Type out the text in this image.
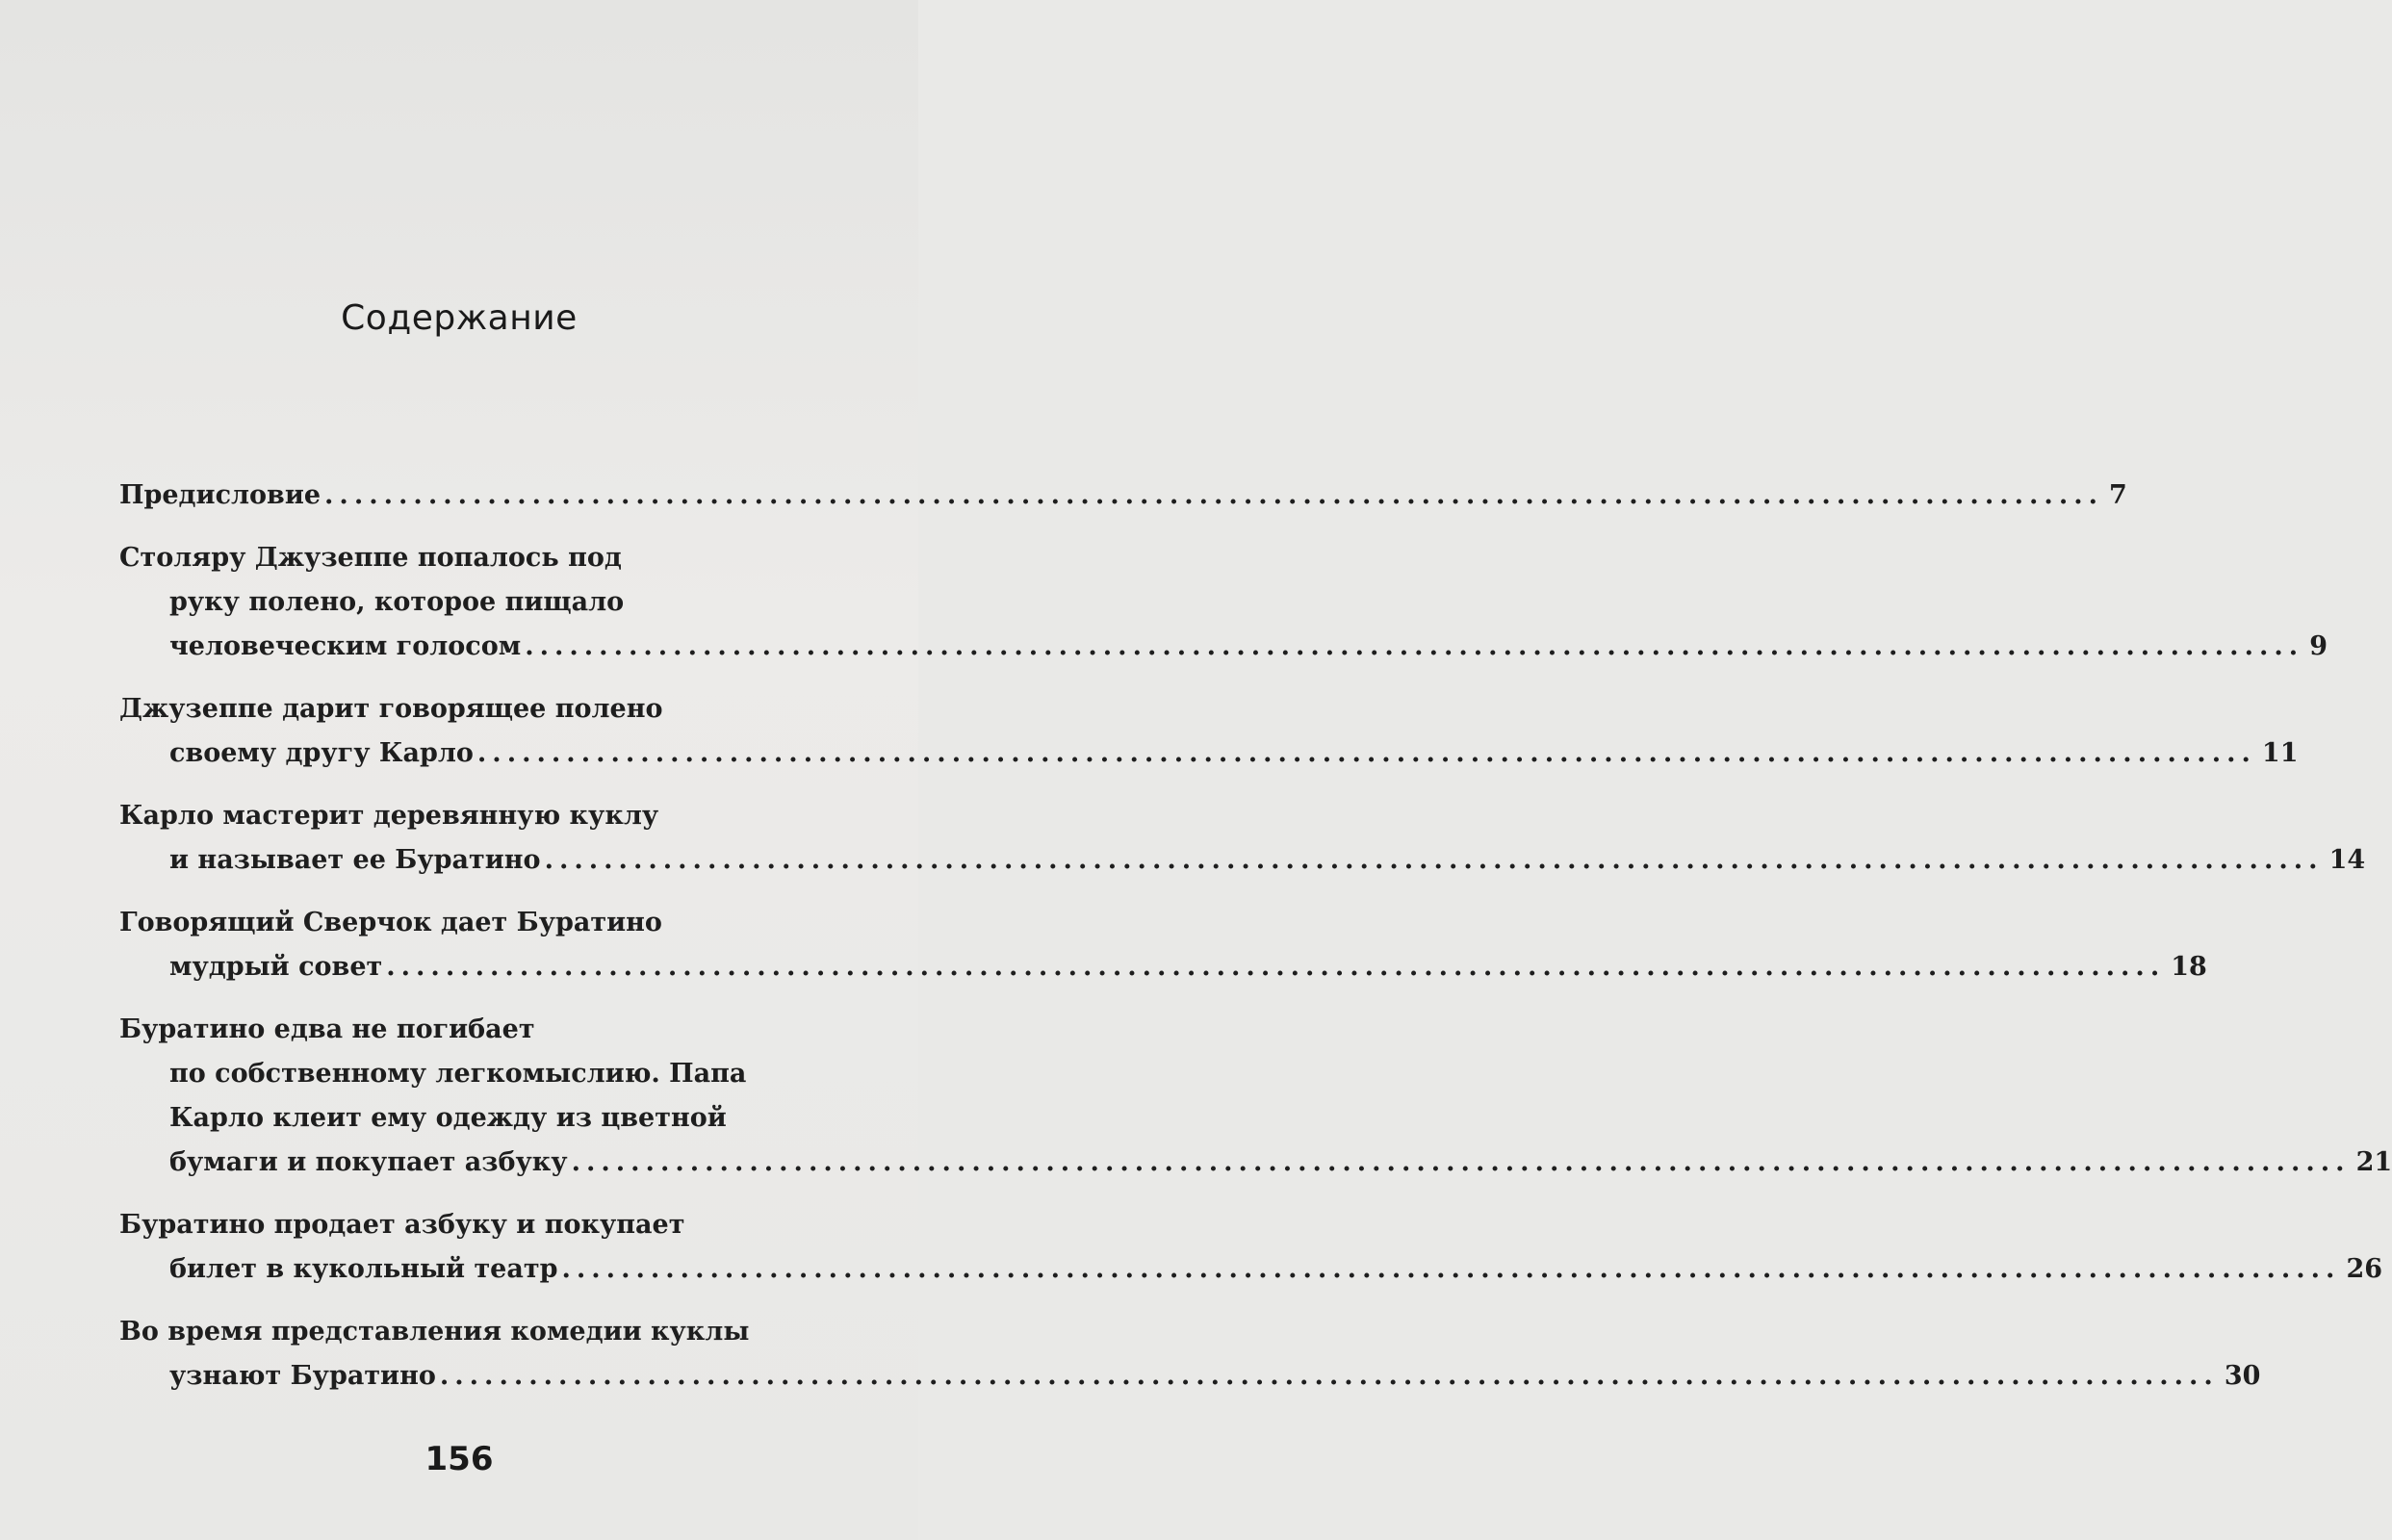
Содержание
Предисловие ........................................................................................................................ 7
Столяру Джузеппе попалось под
руку полено, которое пищало
человеческим голосом ........................................................................................................................ 9
Джузеппе дарит говорящее полено
своему другу Карло ........................................................................................................................ 11
Карло мастерит деревянную куклу
и называет ее Буратино ........................................................................................................................ 14
Говорящий Сверчок дает Буратино
мудрый совет ........................................................................................................................ 18
Буратино едва не погибает
по собственному легкомыслию. Папа
Карло клеит ему одежду из цветной
бумаги и покупает азбуку ........................................................................................................................ 21
Буратино продает азбуку и покупает
билет в кукольный театр ........................................................................................................................ 26
Во время представления комедии куклы
узнают Буратино ........................................................................................................................ 30
156
